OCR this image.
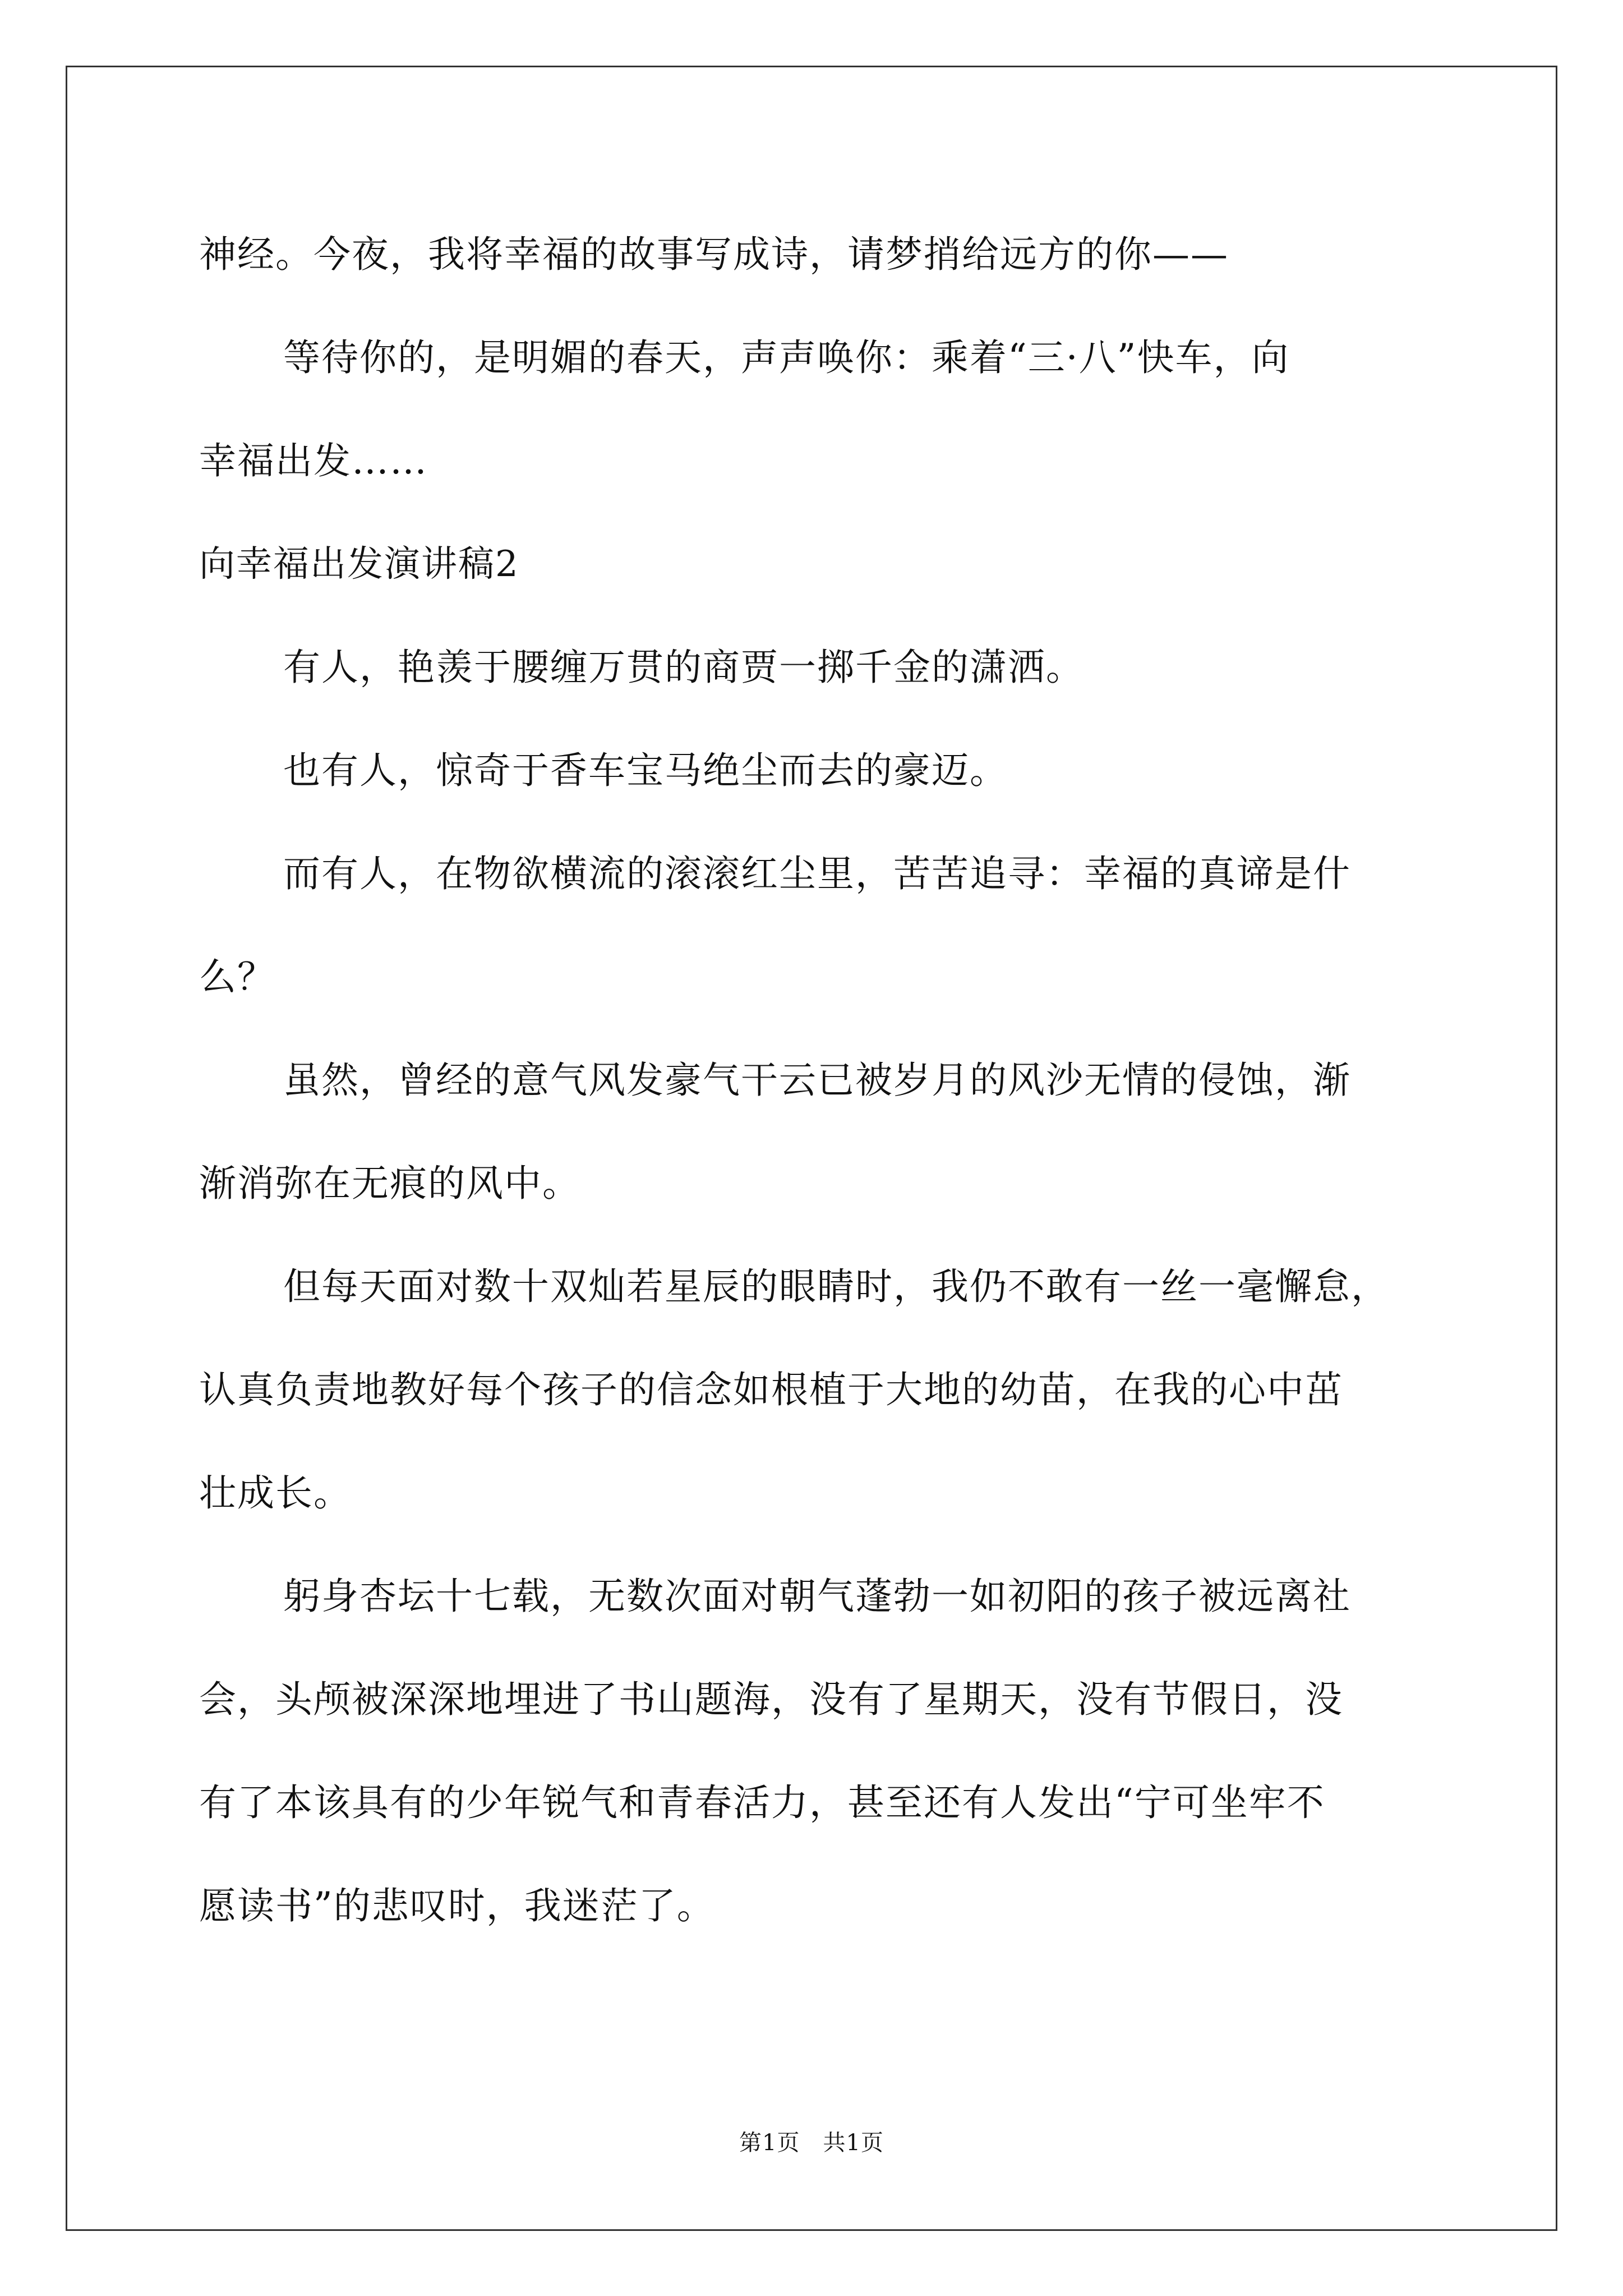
神经。今夜，我将幸福的故事写成诗，请梦捎给远方的你——
等待你的，是明媚的春天，声声唤你：乘着“三·八”快车，向
幸福出发……
向幸福出发演讲稿2
有人，艳羡于腰缠万贯的商贾一掷千金的潇洒。
也有人，惊奇于香车宝马绝尘而去的豪迈。
而有人，在物欲横流的滚滚红尘里，苦苦追寻：幸福的真谛是什
么？
虽然，曾经的意气风发豪气干云已被岁月的风沙无情的侵蚀，渐
渐消弥在无痕的风中。
但每天面对数十双灿若星辰的眼睛时，我仍不敢有一丝一毫懈怠，
认真负责地教好每个孩子的信念如根植于大地的幼苗，在我的心中茁
壮成长。
躬身杏坛十七载，无数次面对朝气蓬勃一如初阳的孩子被远离社
会，头颅被深深地埋进了书山题海，没有了星期天，没有节假日，没
有了本该具有的少年锐气和青春活力，甚至还有人发出“宁可坐牢不
愿读书”的悲叹时，我迷茫了。
第1页　共1页
